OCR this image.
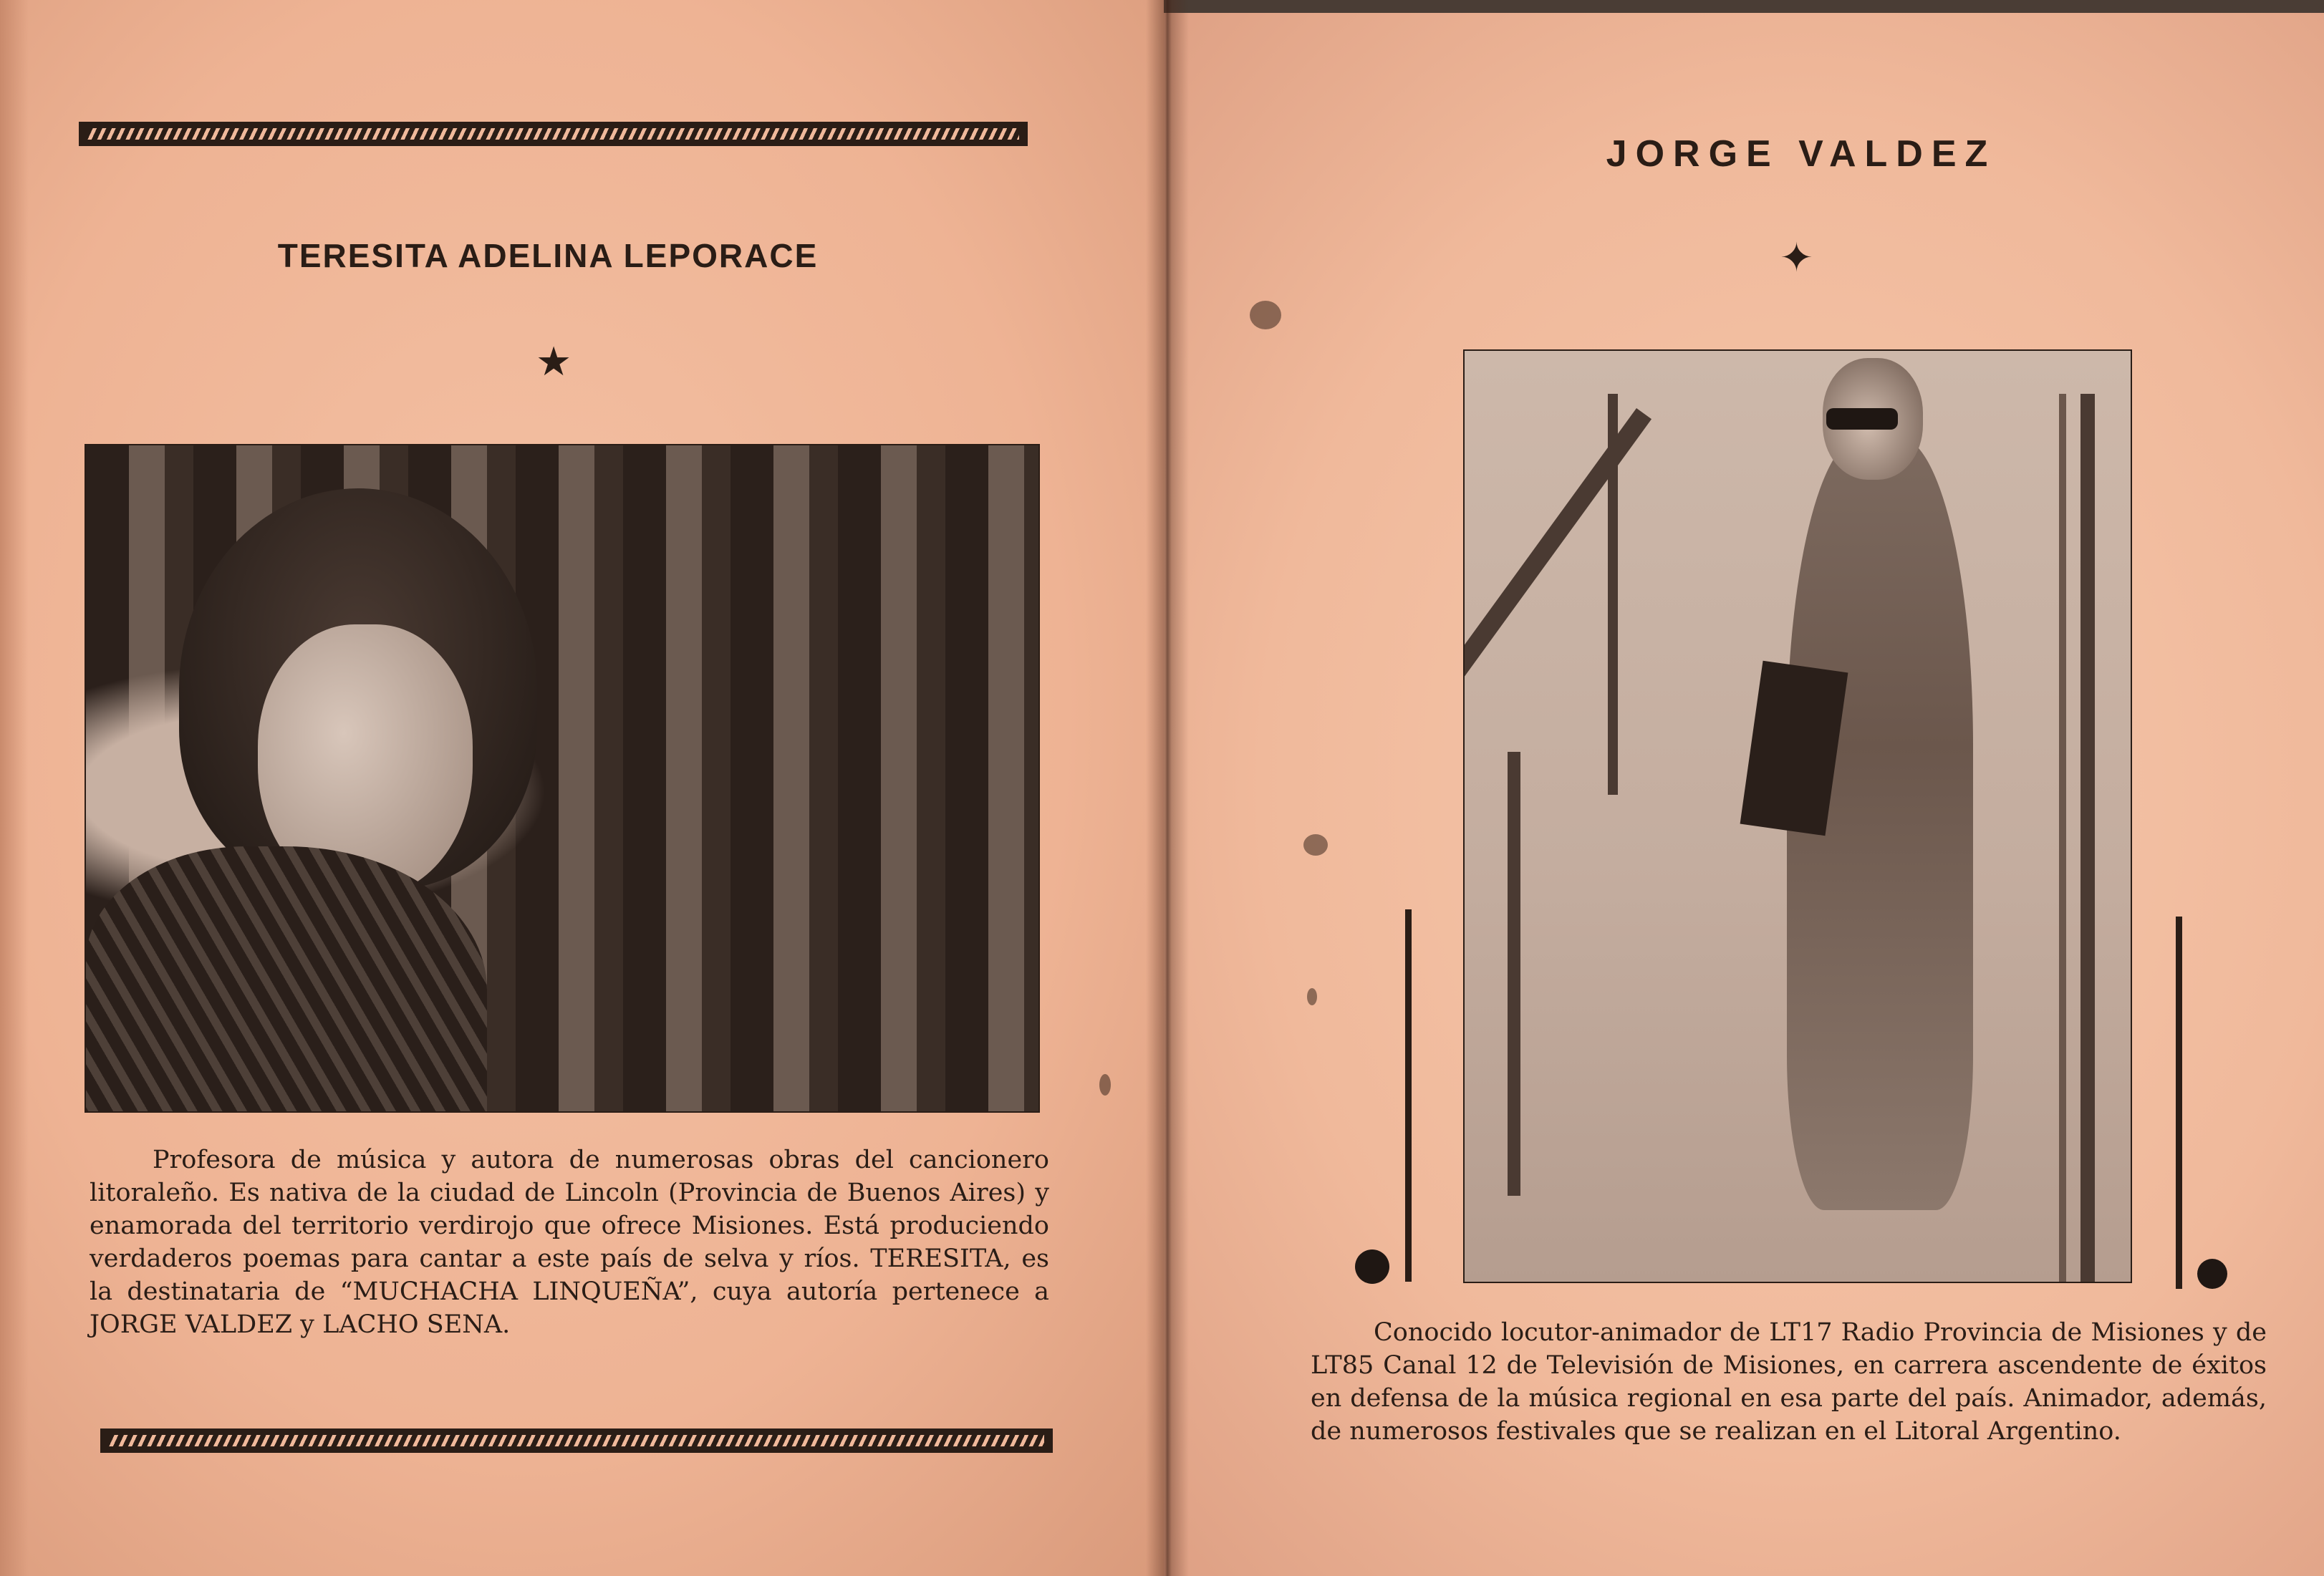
TERESITA ADELINA LEPORACE
★

Profesora de música y autora de numerosas obras del cancionero litoraleño. Es nativa de la ciudad de Lincoln (Provincia de Buenos Aires) y enamorada del territorio verdirojo que ofrece Misiones. Está produciendo verdaderos poemas para cantar a este país de selva y ríos. TERESITA, es la destinataria de “MUCHACHA LINQUEÑA”, cuya autoría pertenece a JORGE VALDEZ y LACHO SENA.

JORGE VALDEZ
✦

Conocido locutor-animador de LT17 Radio Provincia de Misiones y de LT85 Canal 12 de Televisión de Misiones, en carrera ascendente de éxitos en defensa de la música regional en esa parte del país. Animador, además, de numerosos festivales que se realizan en el Litoral Argentino.
